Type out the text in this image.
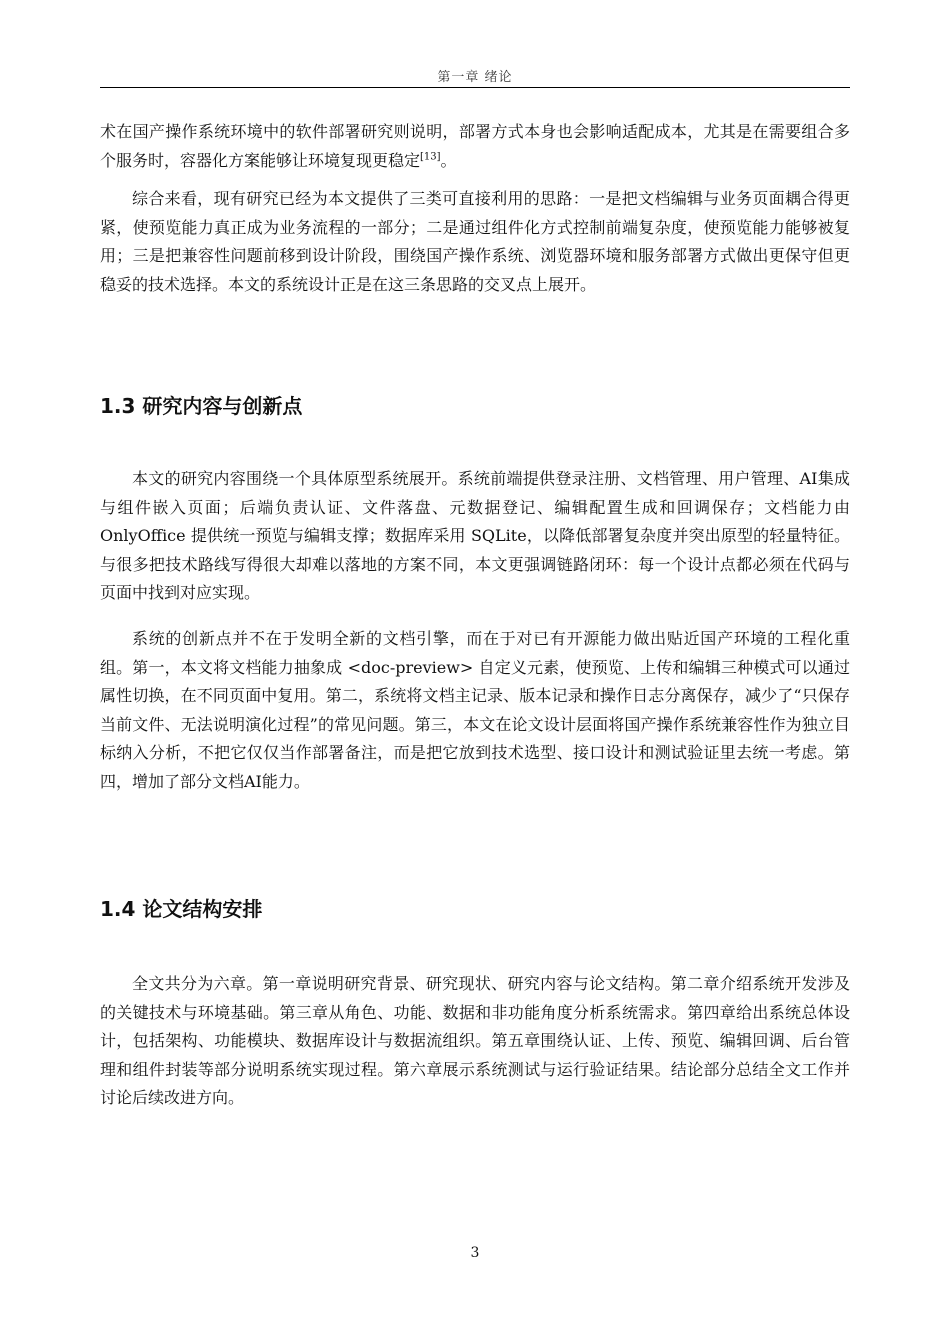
第一章 绪论

术在国产操作系统环境中的软件部署研究则说明，部署方式本身也会影响适配成本，尤其是在需要组合多个服务时，容器化方案能够让环境复现更稳定[13]。

综合来看，现有研究已经为本文提供了三类可直接利用的思路：一是把文档编辑与业务页面耦合得更紧，使预览能力真正成为业务流程的一部分；二是通过组件化方式控制前端复杂度，使预览能力能够被复用；三是把兼容性问题前移到设计阶段，围绕国产操作系统、浏览器环境和服务部署方式做出更保守但更稳妥的技术选择。本文的系统设计正是在这三条思路的交叉点上展开。

1.3 研究内容与创新点

本文的研究内容围绕一个具体原型系统展开。系统前端提供登录注册、文档管理、用户管理、AI集成与组件嵌入页面；后端负责认证、文件落盘、元数据登记、编辑配置生成和回调保存；文档能力由 OnlyOffice 提供统一预览与编辑支撑；数据库采用 SQLite，以降低部署复杂度并突出原型的轻量特征。与很多把技术路线写得很大却难以落地的方案不同，本文更强调链路闭环：每一个设计点都必须在代码与页面中找到对应实现。

系统的创新点并不在于发明全新的文档引擎，而在于对已有开源能力做出贴近国产环境的工程化重组。第一，本文将文档能力抽象成 <doc-preview> 自定义元素，使预览、上传和编辑三种模式可以通过属性切换，在不同页面中复用。第二，系统将文档主记录、版本记录和操作日志分离保存，减少了“只保存当前文件、无法说明演化过程”的常见问题。第三，本文在论文设计层面将国产操作系统兼容性作为独立目标纳入分析，不把它仅仅当作部署备注，而是把它放到技术选型、接口设计和测试验证里去统一考虑。第四，增加了部分文档AI能力。

1.4 论文结构安排

全文共分为六章。第一章说明研究背景、研究现状、研究内容与论文结构。第二章介绍系统开发涉及的关键技术与环境基础。第三章从角色、功能、数据和非功能角度分析系统需求。第四章给出系统总体设计，包括架构、功能模块、数据库设计与数据流组织。第五章围绕认证、上传、预览、编辑回调、后台管理和组件封装等部分说明系统实现过程。第六章展示系统测试与运行验证结果。结论部分总结全文工作并讨论后续改进方向。

3
